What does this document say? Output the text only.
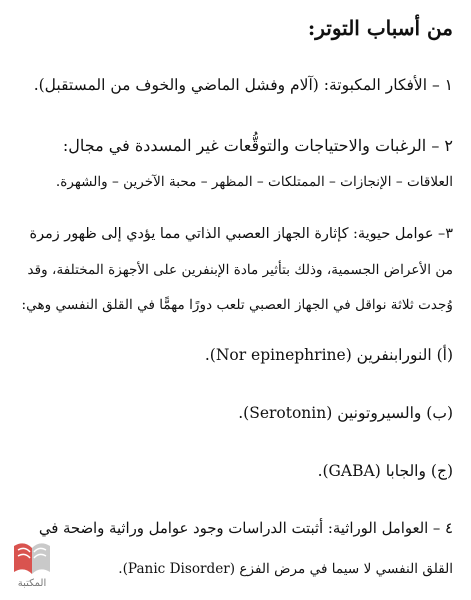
من أسباب التوتر:
١ – الأفكار المكبوتة: (آلام وفشل الماضي والخوف من المستقبل).
٢ – الرغبات والاحتياجات والتوقُّعات غير المسددة في مجال:
العلاقات – الإنجازات – الممتلكات – المظهر – محبة الآخرين – والشهرة.
٣– عوامل حيوية: كإثارة الجهاز العصبي الذاتي مما يؤدي إلى ظهور زمرة
من الأعراض الجسمية، وذلك بتأثير مادة الإبنفرين على الأجهزة المختلفة، وقد
وُجدت ثلاثة نواقل في الجهاز العصبي تلعب دورًا مهمًّا في القلق النفسي وهي:
(أ) النورابنفرين (Nor epinephrine).
(ب) والسيروتونين (Serotonin).
(ج) والجابا (GABA).
٤ – العوامل الوراثية: أثبتت الدراسات وجود عوامل وراثية واضحة في
القلق النفسي لا سيما في مرض الفزع (Panic Disorder).
المكتبة
